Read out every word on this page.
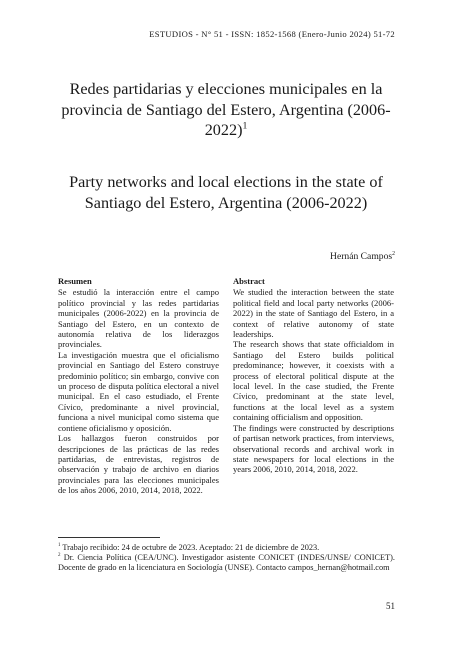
ESTUDIOS - N° 51 - ISSN: 1852-1568 (Enero-Junio 2024) 51-72
Redes partidarias y elecciones municipales en la provincia de Santiago del Estero, Argentina (2006-2022)$^1$
Party networks and local elections in the state of Santiago del Estero, Argentina (2006-2022)
Hernán Campos$^2$
Resumen

Se estudió la interacción entre el campo político provincial y las redes partidarias municipales (2006-2022) en la provincia de Santiago del Estero, en un contexto de autonomía relativa de los liderazgos provinciales.

La investigación muestra que el oficialismo provincial en Santiago del Estero construye predominio político; sin embargo, convive con un proceso de disputa política electoral a nivel municipal. En el caso estudiado, el Frente Cívico, predominante a nivel provincial, funciona a nivel municipal como sistema que contiene oficialismo y oposición.

Los hallazgos fueron construidos por descripciones de las prácticas de las redes partidarias, de entrevistas, registros de observación y trabajo de archivo en diarios provinciales para las elecciones municipales de los años 2006, 2010, 2014, 2018, 2022.

Abstract

We studied the interaction between the state political field and local party networks (2006-2022) in the state of Santiago del Estero, in a context of relative autonomy of state leaderships.

The research shows that state officialdom in Santiago del Estero builds political predominance; however, it coexists with a process of electoral political dispute at the local level. In the case studied, the Frente Cívico, predominant at the state level, functions at the local level as a system containing officialism and opposition.

The findings were constructed by descriptions of partisan network practices, from interviews, observational records and archival work in state newspapers for local elections in the years 2006, 2010, 2014, 2018, 2022.

$^1$ Trabajo recibido: 24 de octubre de 2023. Aceptado: 21 de diciembre de 2023.

$^2$ Dr. Ciencia Política (CEA/UNC). Investigador asistente CONICET (INDES/UNSE/ CONICET). Docente de grado en la licenciatura en Sociología (UNSE). Contacto campos_hernan@hotmail.com

51
